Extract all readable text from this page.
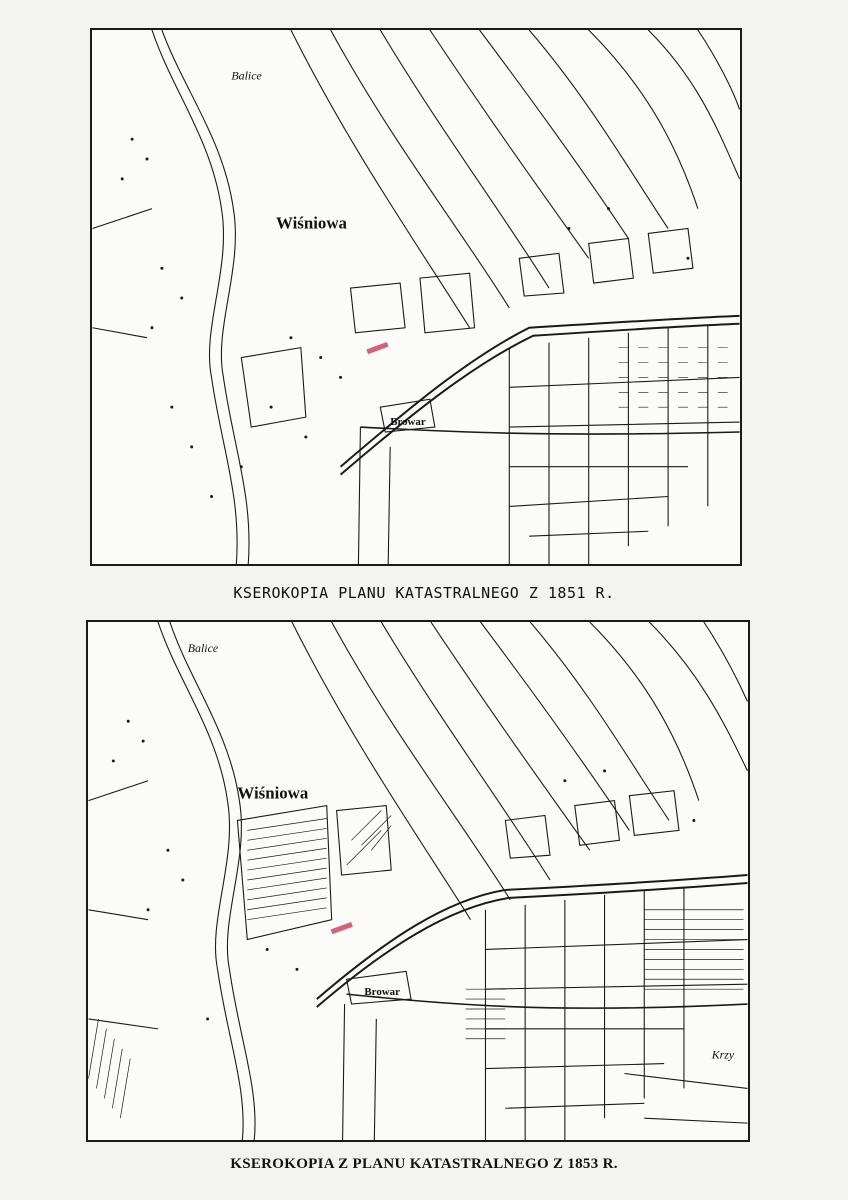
Balice
Wiśniowa
Browar

KSEROKOPIA PLANU KATASTRALNEGO Z 1851 R.

Balice
Wiśniowa
Browar
Krzy

KSEROKOPIA Z PLANU KATASTRALNEGO Z 1853 R.
